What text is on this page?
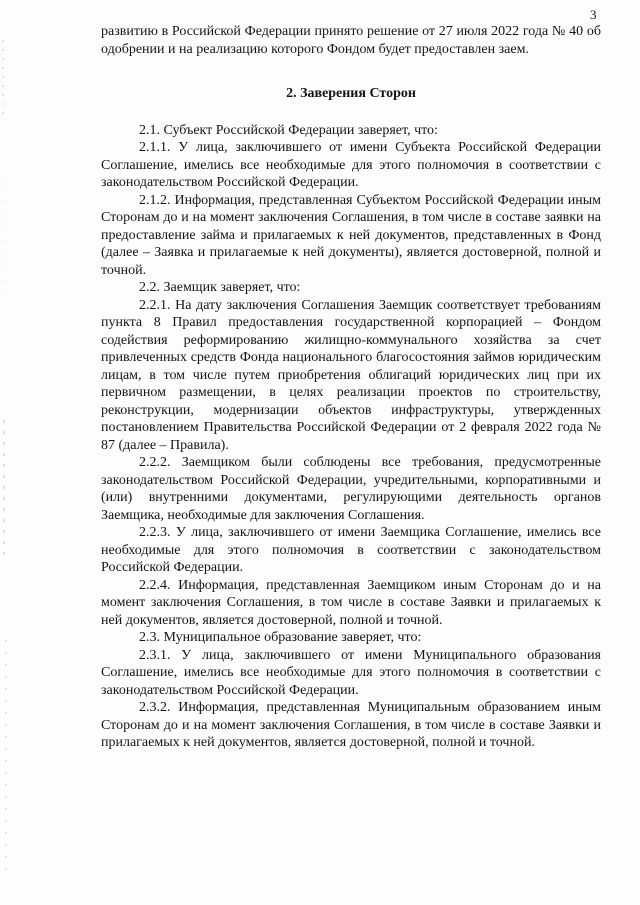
3

развитию в Российской Федерации принято решение от 27 июля 2022 года № 40 об одобрении и на реализацию которого Фондом будет предоставлен заем.

2. Заверения Сторон

2.1. Субъект Российской Федерации заверяет, что:

2.1.1. У лица, заключившего от имени Субъекта Российской Федерации Соглашение, имелись все необходимые для этого полномочия в соответствии с законодательством Российской Федерации.

2.1.2. Информация, представленная Субъектом Российской Федерации иным Сторонам до и на момент заключения Соглашения, в том числе в составе заявки на предоставление займа и прилагаемых к ней документов, представленных в Фонд (далее – Заявка и прилагаемые к ней документы), является достоверной, полной и точной.

2.2. Заемщик заверяет, что:

2.2.1. На дату заключения Соглашения Заемщик соответствует требованиям пункта 8 Правил предоставления государственной корпорацией – Фондом содействия реформированию жилищно-коммунального хозяйства за счет привлеченных средств Фонда национального благосостояния займов юридическим лицам, в том числе путем приобретения облигаций юридических лиц при их первичном размещении, в целях реализации проектов по строительству, реконструкции, модернизации объектов инфраструктуры, утвержденных постановлением Правительства Российской Федерации от 2 февраля 2022 года № 87 (далее – Правила).

2.2.2. Заемщиком были соблюдены все требования, предусмотренные законодательством Российской Федерации, учредительными, корпоративными и (или) внутренними документами, регулирующими деятельность органов Заемщика, необходимые для заключения Соглашения.

2.2.3. У лица, заключившего от имени Заемщика Соглашение, имелись все необходимые для этого полномочия в соответствии с законодательством Российской Федерации.

2.2.4. Информация, представленная Заемщиком иным Сторонам до и на момент заключения Соглашения, в том числе в составе Заявки и прилагаемых к ней документов, является достоверной, полной и точной.

2.3. Муниципальное образование заверяет, что:

2.3.1. У лица, заключившего от имени Муниципального образования Соглашение, имелись все необходимые для этого полномочия в соответствии с законодательством Российской Федерации.

2.3.2. Информация, представленная Муниципальным образованием иным Сторонам до и на момент заключения Соглашения, в том числе в составе Заявки и прилагаемых к ней документов, является достоверной, полной и точной.
